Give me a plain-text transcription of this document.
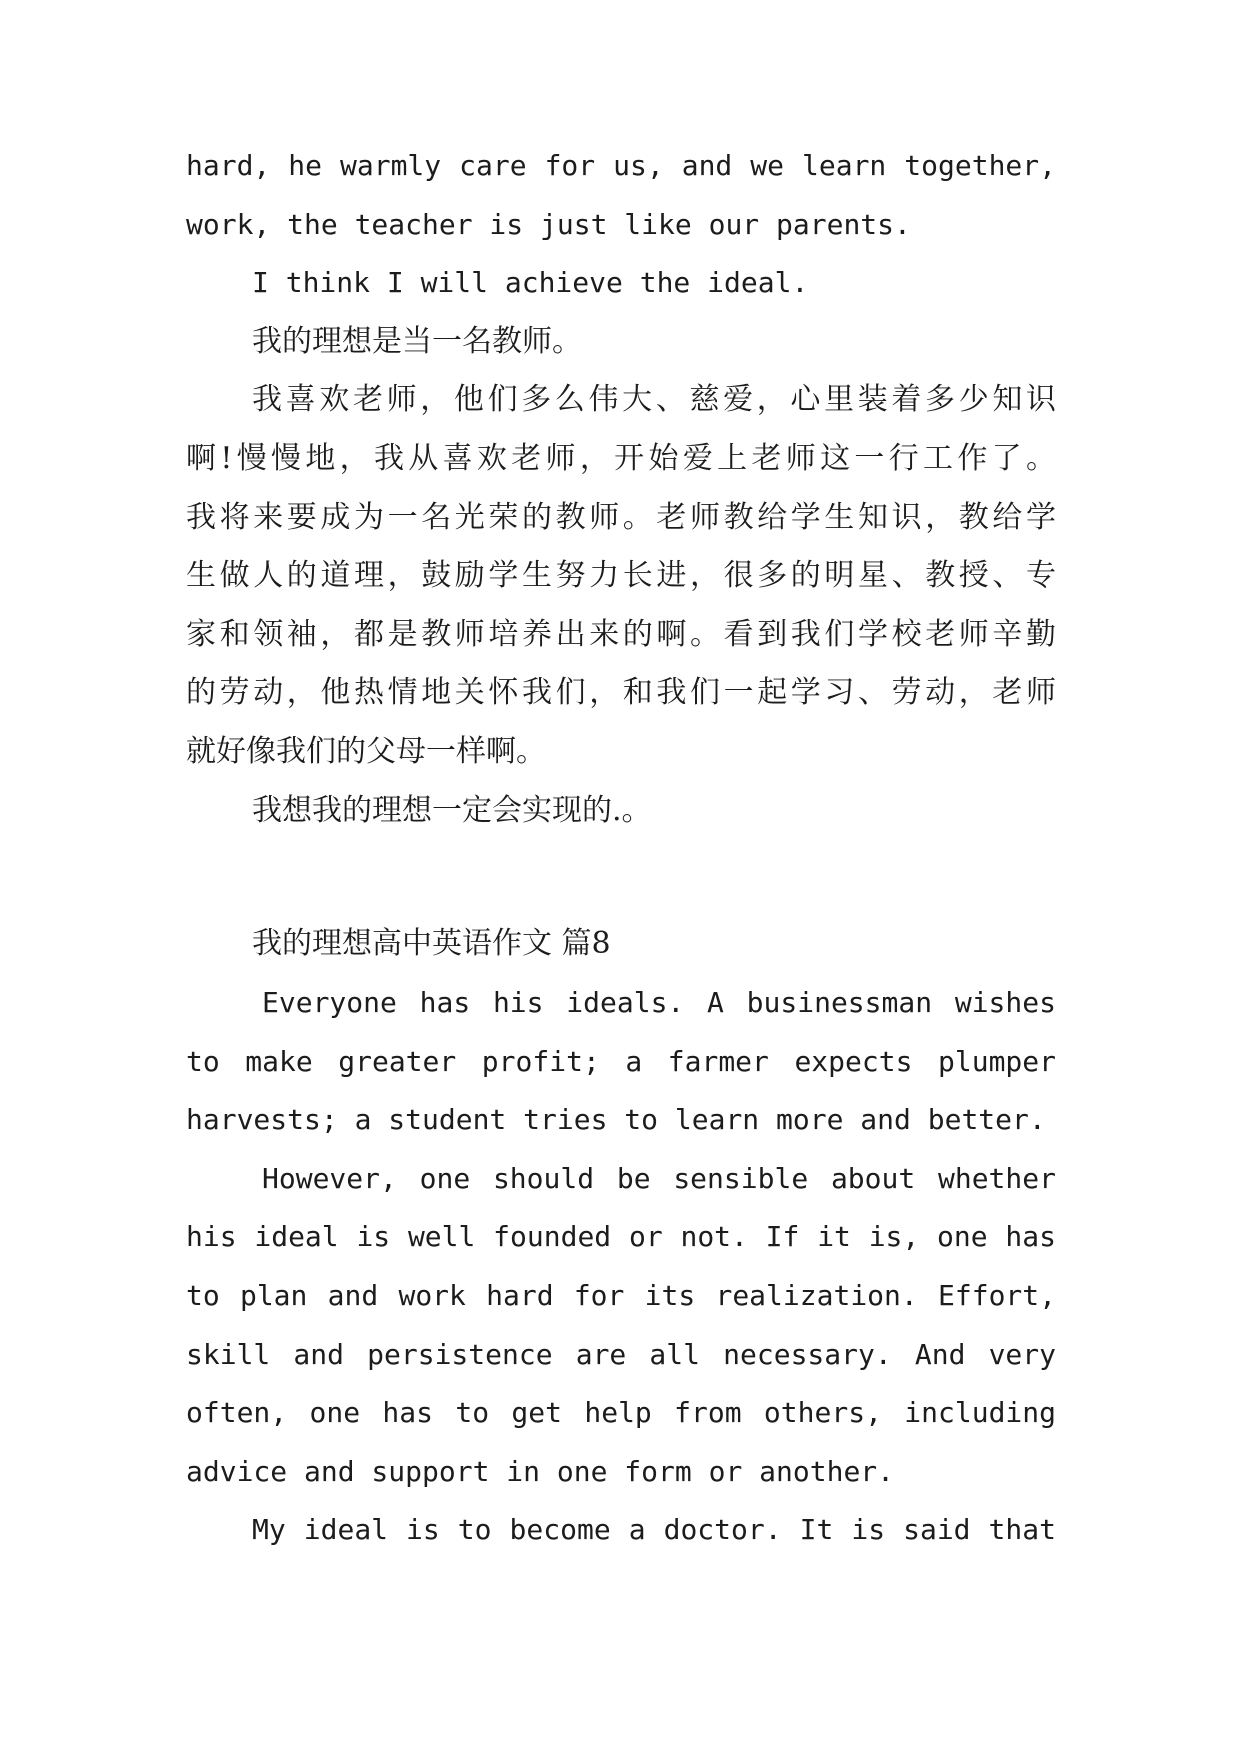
hard, he warmly care for us, and we learn together,
work, the teacher is just like our parents.
I think I will achieve the ideal.
我的理想是当一名教师。
我喜欢老师，他们多么伟大、慈爱，心里装着多少知识
啊!慢慢地，我从喜欢老师，开始爱上老师这一行工作了。
我将来要成为一名光荣的教师。老师教给学生知识，教给学
生做人的道理，鼓励学生努力长进，很多的明星、教授、专
家和领袖，都是教师培养出来的啊。看到我们学校老师辛勤
的劳动，他热情地关怀我们，和我们一起学习、劳动，老师
就好像我们的父母一样啊。
我想我的理想一定会实现的.。
我的理想高中英语作文 篇8
Everyone has his ideals. A businessman wishes
to make greater profit; a farmer expects plumper
harvests; a student tries to learn more and better.
However, one should be sensible about whether
his ideal is well founded or not. If it is, one has
to plan and work hard for its realization. Effort,
skill and persistence are all necessary. And very
often, one has to get help from others, including
advice and support in one form or another.
My ideal is to become a doctor. It is said that
